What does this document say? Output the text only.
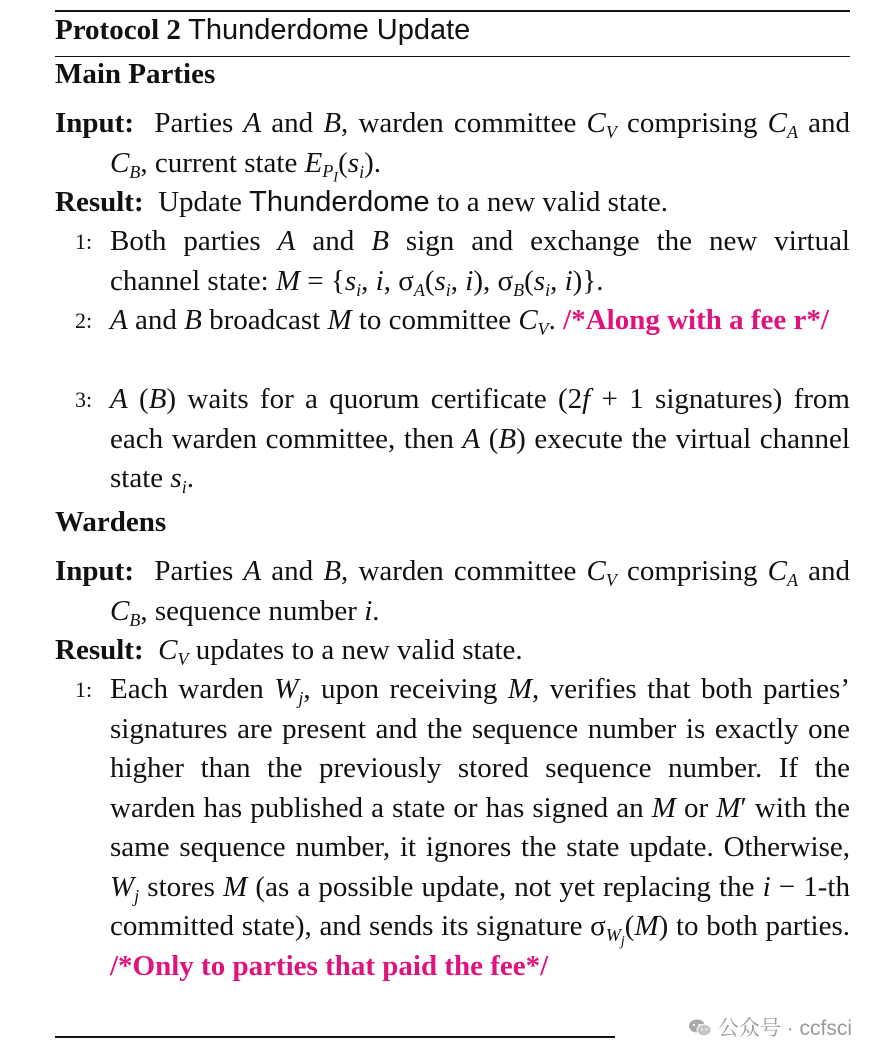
Protocol 2 Thunderdome Update
Main Parties
Input:  Parties A and B, warden committee $C_V$ comprising $C_A$ and $C_B$, current state $E_{P_I}(s_i)$.
Result: Update Thunderdome to a new valid state.
1: Both parties A and B sign and exchange the new virtual channel state: $M = \{s_i$, i, $\sigma_A(s_i$, i), $\sigma_B(s_i$, i)}.
2: A and B broadcast M to committee $C_V$. /*Along with a fee r*/
3: A (B) waits for a quorum certificate (2f + 1 signatures) from each warden committee, then A (B) execute the virtual channel state $s_i$.
Wardens
Input:  Parties A and B, warden committee $C_V$ comprising $C_A$ and $C_B$, sequence number i.
Result: $C_V$ updates to a new valid state.
1: Each warden $W_j$, upon receiving M, verifies that both parties’ signatures are present and the sequence number is exactly one higher than the previously stored sequence number. If the warden has published a state or has signed an M or M′ with the same sequence number, it ignores the state update. Otherwise, $W_j$ stores M (as a possible update, not yet replacing the i − 1-th committed state), and sends its signature $\sigma_{W_j}(M)$ to both parties. /*Only to parties that paid the fee*/
公众号 · ccfsci
